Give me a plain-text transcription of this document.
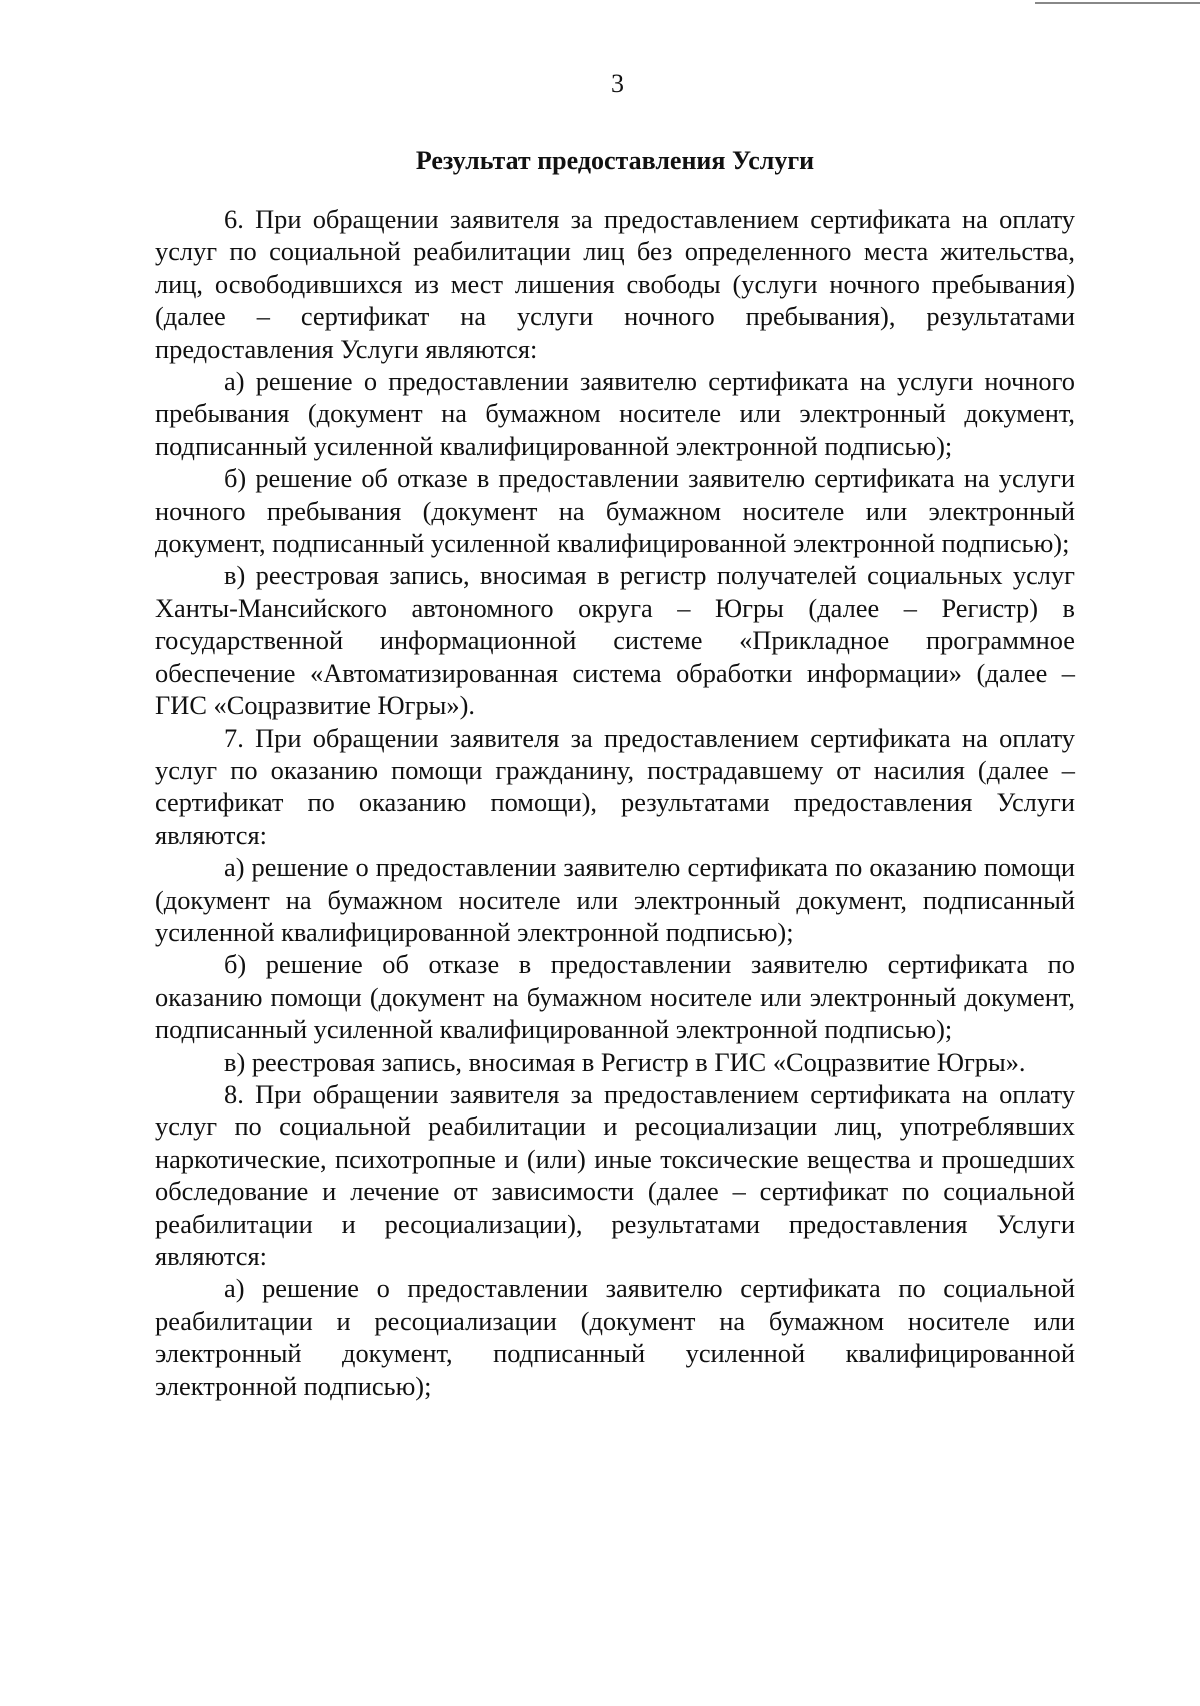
3
Результат предоставления Услуги

6. При обращении заявителя за предоставлением сертификата на оплату услуг по социальной реабилитации лиц без определенного места жительства, лиц, освободившихся из мест лишения свободы (услуги ночного пребывания) (далее – сертификат на услуги ночного пребывания), результатами предоставления Услуги являются:

а) решение о предоставлении заявителю сертификата на услуги ночного пребывания (документ на бумажном носителе или электронный документ, подписанный усиленной квалифицированной электронной подписью);

б) решение об отказе в предоставлении заявителю сертификата на услуги ночного пребывания (документ на бумажном носителе или электронный документ, подписанный усиленной квалифицированной электронной подписью);

в) реестровая запись, вносимая в регистр получателей социальных услуг Ханты-Мансийского автономного округа – Югры (далее – Регистр) в государственной информационной системе «Прикладное программное обеспечение «Автоматизированная система обработки информации» (далее – ГИС «Соцразвитие Югры»).

7. При обращении заявителя за предоставлением сертификата на оплату услуг по оказанию помощи гражданину, пострадавшему от насилия (далее – сертификат по оказанию помощи), результатами предоставления Услуги являются:

а) решение о предоставлении заявителю сертификата по оказанию помощи (документ на бумажном носителе или электронный документ, подписанный усиленной квалифицированной электронной подписью);

б) решение об отказе в предоставлении заявителю сертификата по оказанию помощи (документ на бумажном носителе или электронный документ, подписанный усиленной квалифицированной электронной подписью);

в) реестровая запись, вносимая в Регистр в ГИС «Соцразвитие Югры».

8. При обращении заявителя за предоставлением сертификата на оплату услуг по социальной реабилитации и ресоциализации лиц, употреблявших наркотические, психотропные и (или) иные токсические вещества и прошедших обследование и лечение от зависимости (далее – сертификат по социальной реабилитации и ресоциализации), результатами предоставления Услуги являются:

а) решение о предоставлении заявителю сертификата по социальной реабилитации и ресоциализации (документ на бумажном носителе или электронный документ, подписанный усиленной квалифицированной электронной подписью);
